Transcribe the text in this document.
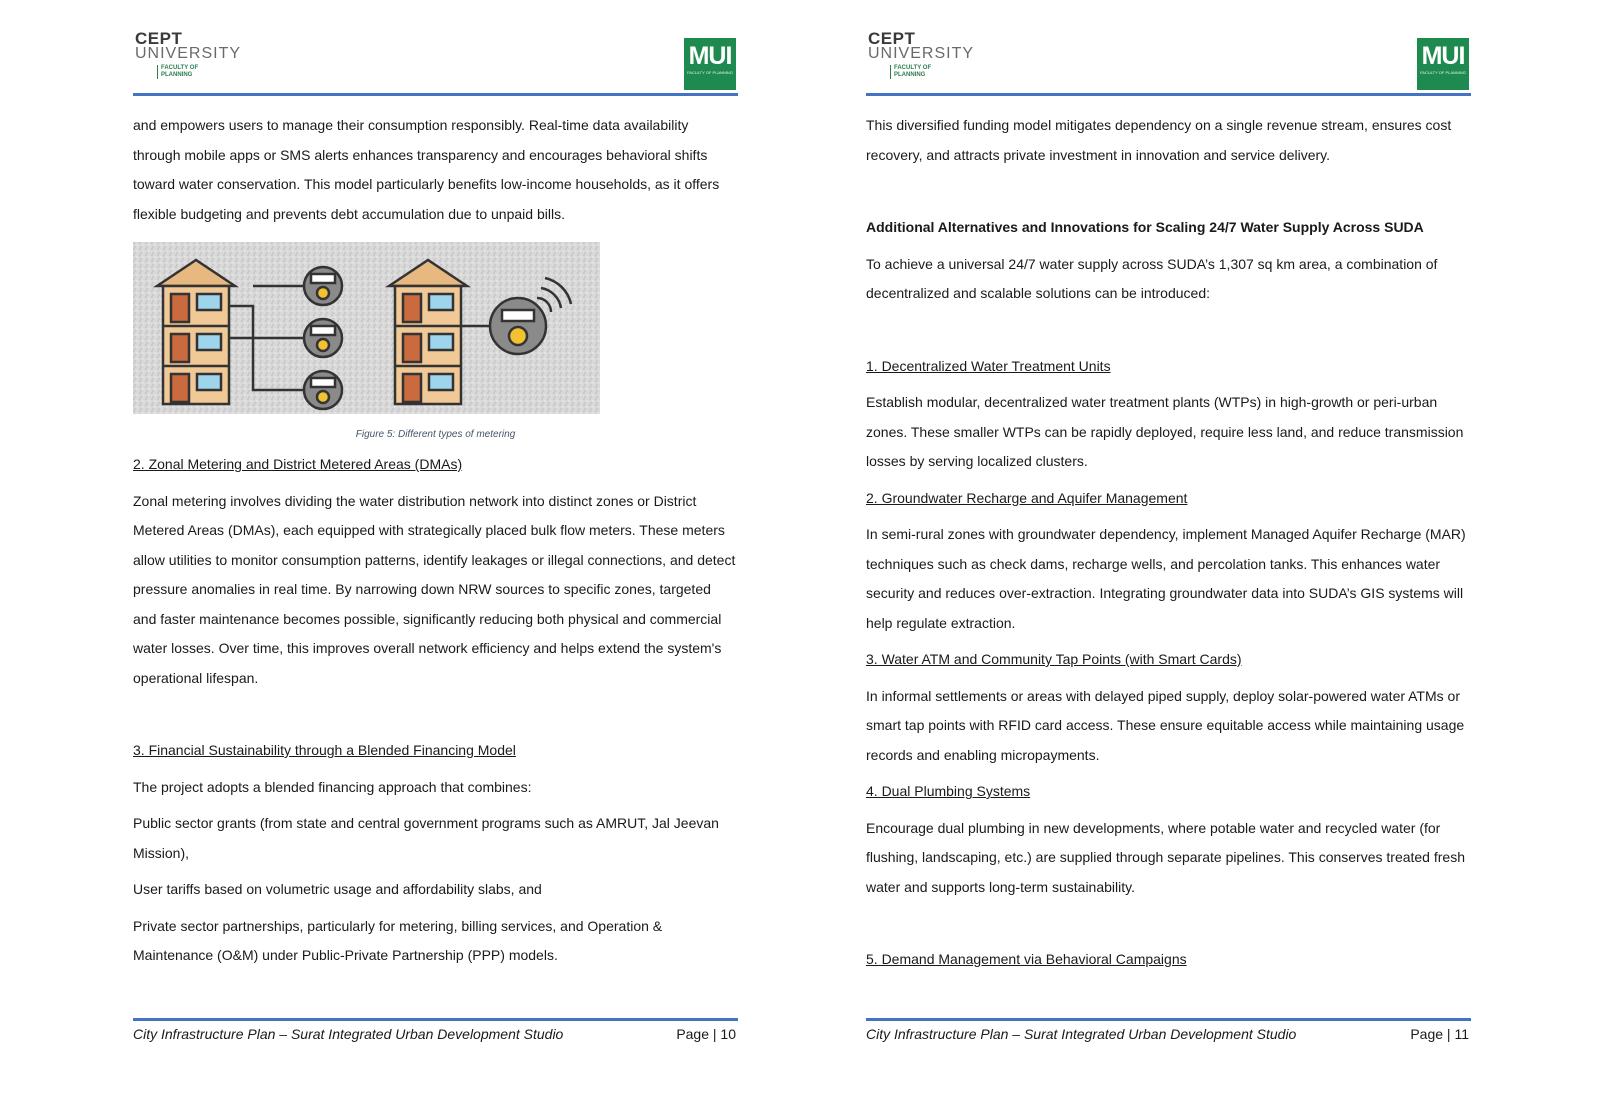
CEPT
UNIVERSITY
FACULTY OF PLANNING
MUI
FACULTY OF PLANNING

and empowers users to manage their consumption responsibly. Real-time data availability through mobile apps or SMS alerts enhances transparency and encourages behavioral shifts toward water conservation. This model particularly benefits low-income households, as it offers flexible budgeting and prevents debt accumulation due to unpaid bills.

Figure 5: Different types of metering
2. Zonal Metering and District Metered Areas (DMAs)

Zonal metering involves dividing the water distribution network into distinct zones or District Metered Areas (DMAs), each equipped with strategically placed bulk flow meters. These meters allow utilities to monitor consumption patterns, identify leakages or illegal connections, and detect pressure anomalies in real time. By narrowing down NRW sources to specific zones, targeted and faster maintenance becomes possible, significantly reducing both physical and commercial water losses. Over time, this improves overall network efficiency and helps extend the system's operational lifespan.

3. Financial Sustainability through a Blended Financing Model

The project adopts a blended financing approach that combines:

Public sector grants (from state and central government programs such as AMRUT, Jal Jeevan Mission),

User tariffs based on volumetric usage and affordability slabs, and

Private sector partnerships, particularly for metering, billing services, and Operation & Maintenance (O&M) under Public-Private Partnership (PPP) models.

City Infrastructure Plan – Surat Integrated Urban Development Studio	Page | 10
CEPT
UNIVERSITY
FACULTY OF PLANNING
MUI
FACULTY OF PLANNING

This diversified funding model mitigates dependency on a single revenue stream, ensures cost recovery, and attracts private investment in innovation and service delivery.

Additional Alternatives and Innovations for Scaling 24/7 Water Supply Across SUDA

To achieve a universal 24/7 water supply across SUDA’s 1,307 sq km area, a combination of decentralized and scalable solutions can be introduced:

1. Decentralized Water Treatment Units

Establish modular, decentralized water treatment plants (WTPs) in high-growth or peri-urban zones. These smaller WTPs can be rapidly deployed, require less land, and reduce transmission losses by serving localized clusters.

2. Groundwater Recharge and Aquifer Management

In semi-rural zones with groundwater dependency, implement Managed Aquifer Recharge (MAR) techniques such as check dams, recharge wells, and percolation tanks. This enhances water security and reduces over-extraction. Integrating groundwater data into SUDA’s GIS systems will help regulate extraction.

3. Water ATM and Community Tap Points (with Smart Cards)

In informal settlements or areas with delayed piped supply, deploy solar-powered water ATMs or smart tap points with RFID card access. These ensure equitable access while maintaining usage records and enabling micropayments.

4. Dual Plumbing Systems

Encourage dual plumbing in new developments, where potable water and recycled water (for flushing, landscaping, etc.) are supplied through separate pipelines. This conserves treated fresh water and supports long-term sustainability.

5. Demand Management via Behavioral Campaigns
City Infrastructure Plan – Surat Integrated Urban Development Studio	Page | 11
